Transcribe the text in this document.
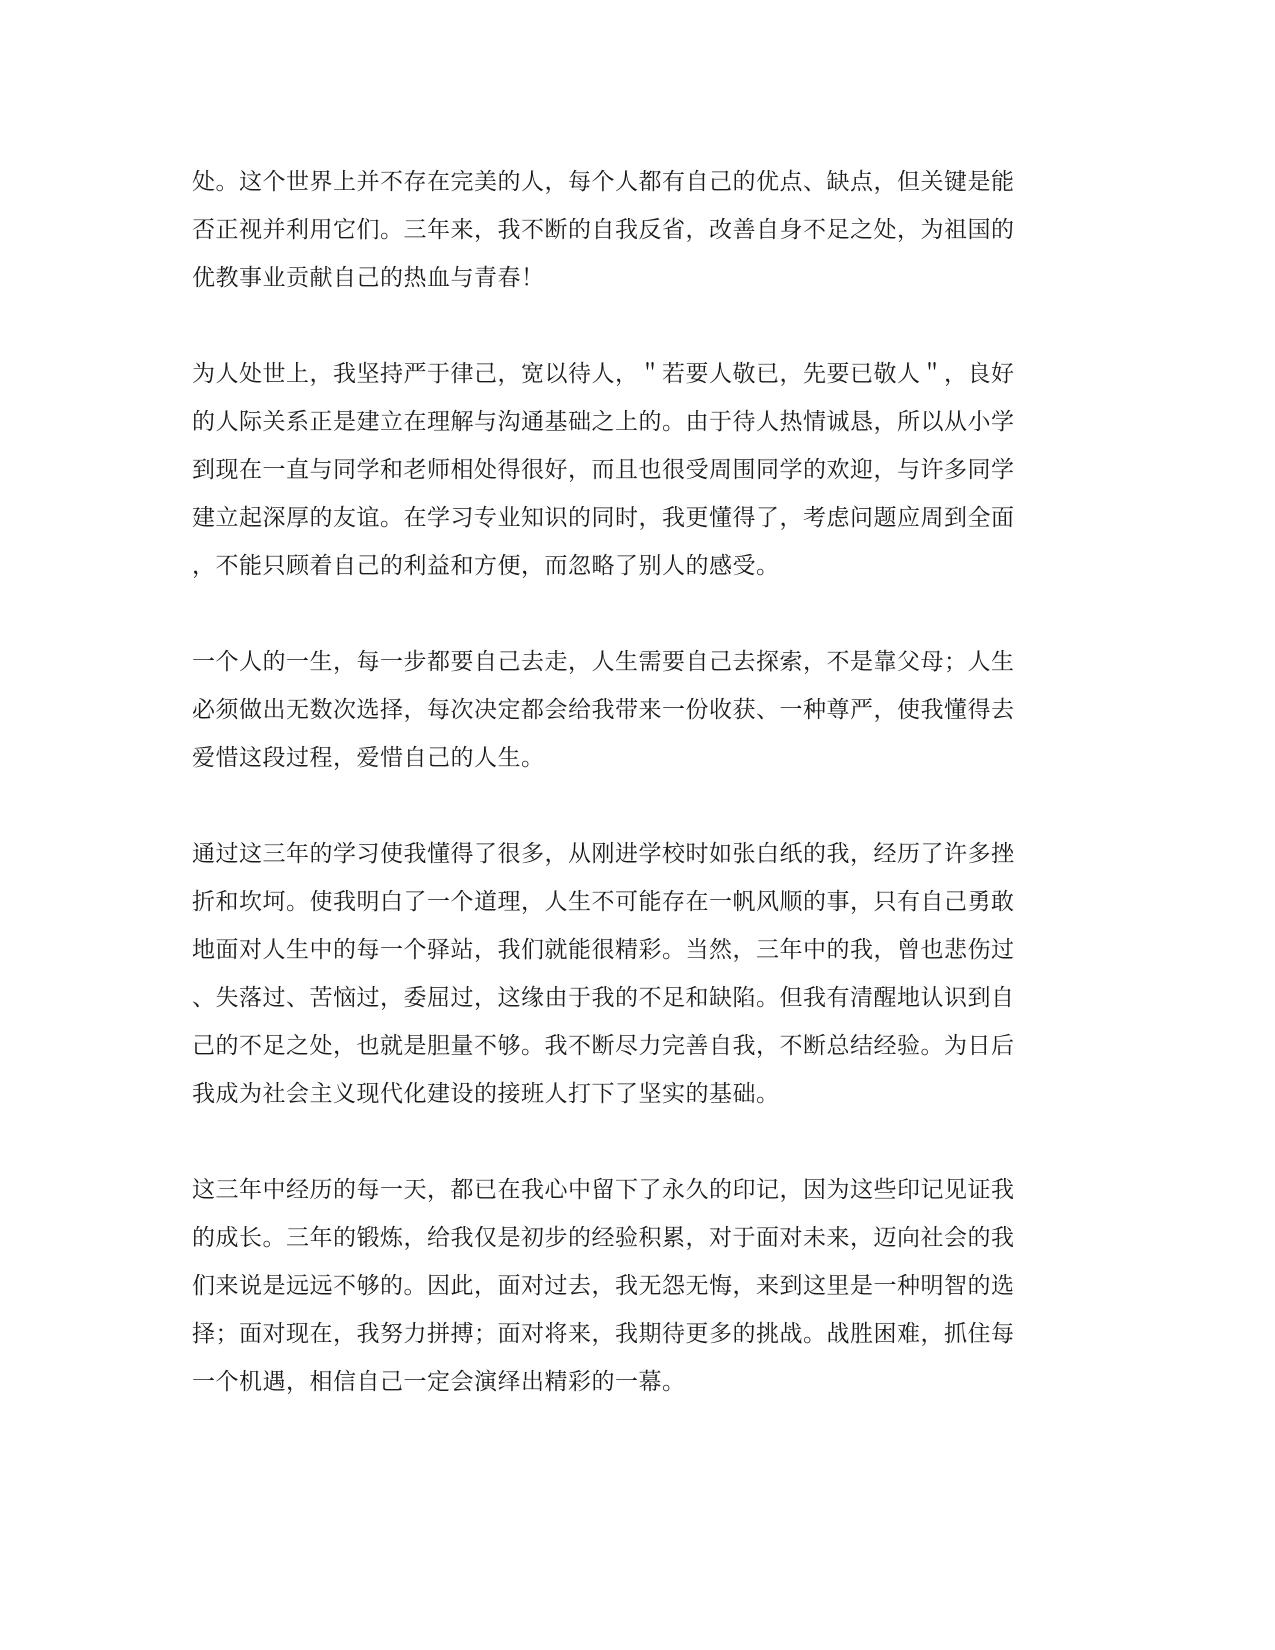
处。这个世界上并不存在完美的人，每个人都有自己的优点、缺点，但关键是能
否正视并利用它们。三年来，我不断的自我反省，改善自身不足之处，为祖国的
优教事业贡献自己的热血与青春！
为人处世上，我坚持严于律己，宽以待人，＂若要人敬已，先要已敬人＂，良好
的人际关系正是建立在理解与沟通基础之上的。由于待人热情诚恳，所以从小学
到现在一直与同学和老师相处得很好，而且也很受周围同学的欢迎，与许多同学
建立起深厚的友谊。在学习专业知识的同时，我更懂得了，考虑问题应周到全面
，不能只顾着自己的利益和方便，而忽略了别人的感受。
一个人的一生，每一步都要自己去走，人生需要自己去探索，不是靠父母；人生
必须做出无数次选择，每次决定都会给我带来一份收获、一种尊严，使我懂得去
爱惜这段过程，爱惜自己的人生。
通过这三年的学习使我懂得了很多，从刚进学校时如张白纸的我，经历了许多挫
折和坎坷。使我明白了一个道理，人生不可能存在一帆风顺的事，只有自己勇敢
地面对人生中的每一个驿站，我们就能很精彩。当然，三年中的我，曾也悲伤过
、失落过、苦恼过，委屈过，这缘由于我的不足和缺陷。但我有清醒地认识到自
己的不足之处，也就是胆量不够。我不断尽力完善自我，不断总结经验。为日后
我成为社会主义现代化建设的接班人打下了坚实的基础。
这三年中经历的每一天，都已在我心中留下了永久的印记，因为这些印记见证我
的成长。三年的锻炼，给我仅是初步的经验积累，对于面对未来，迈向社会的我
们来说是远远不够的。因此，面对过去，我无怨无悔，来到这里是一种明智的选
择；面对现在，我努力拼搏；面对将来，我期待更多的挑战。战胜困难，抓住每
一个机遇，相信自己一定会演绎出精彩的一幕。
